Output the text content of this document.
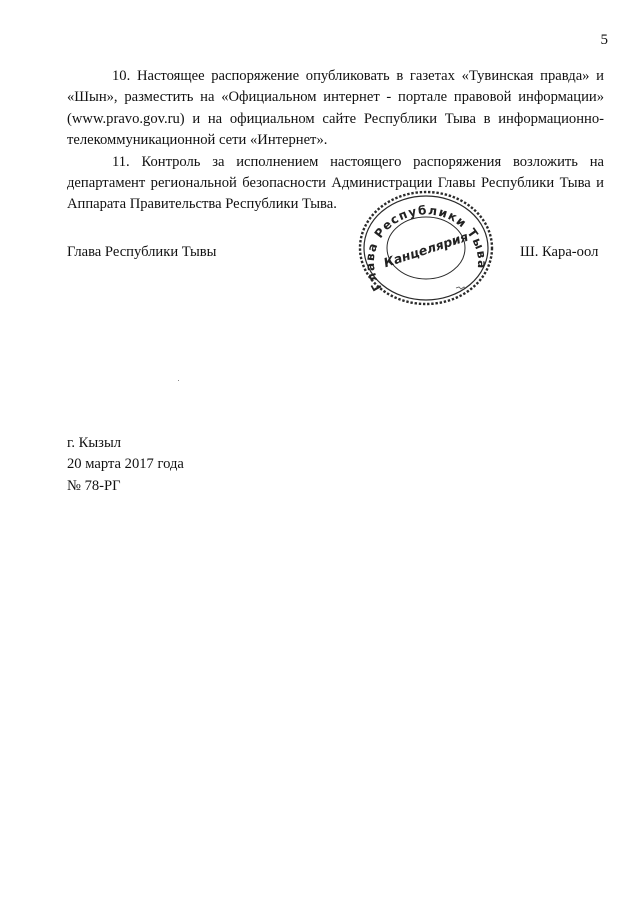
5

10. Настоящее распоряжение опубликовать в газетах «Тувинская правда» и «Шын», разместить на «Официальном интернет - портале правовой информации» (www.pravo.gov.ru) и на официальном сайте Республики Тыва в информационно-телекоммуникационной сети «Интернет».

11. Контроль за исполнением настоящего распоряжения возложить на департамент региональной безопасности Администрации Главы Республики Тыва и Аппарата Правительства Республики Тыва.

Глава Республики Тывы
Глава Республики Тыва
Канцелярия	Ш. Кара-оол
г. Кызыл
20 марта 2017 года
№ 78-РГ
